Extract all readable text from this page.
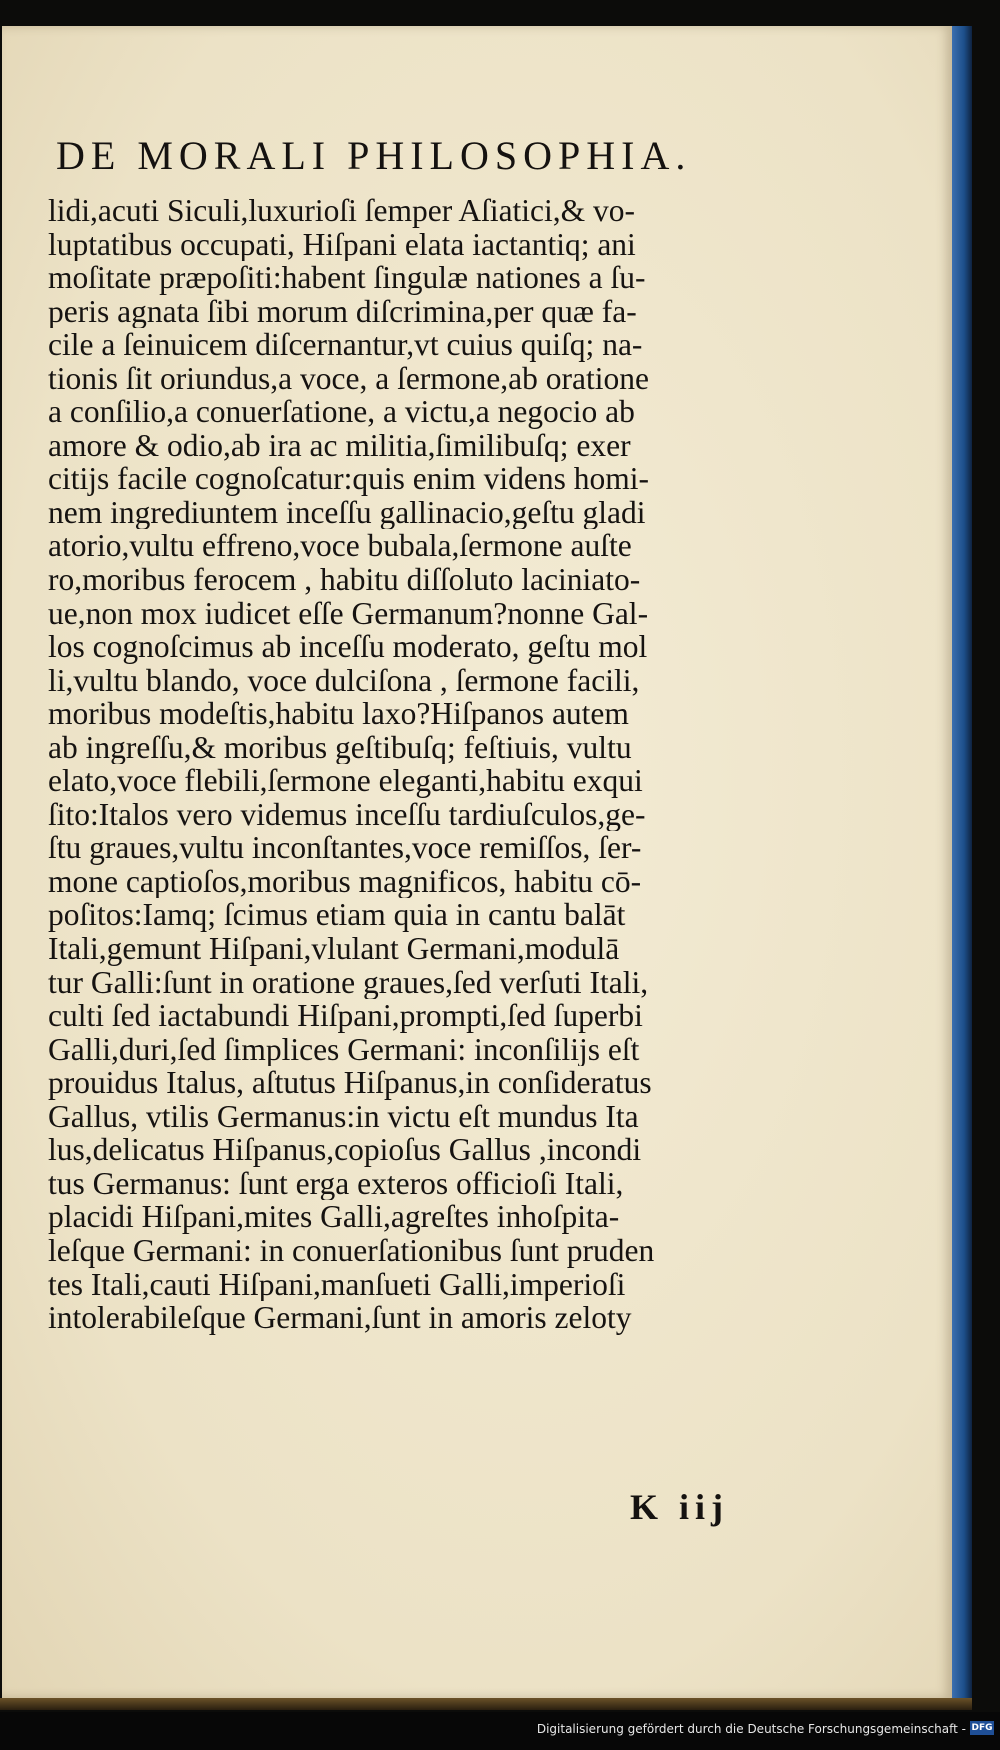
DE MORALI PHILOSOPHIA.
lidi,acuti Siculi,luxurioſi ſemper Aſiatici,& vo-
luptatibus occupati, Hiſpani elata iactantiq; ani
moſitate præpoſiti:habent ſingulæ nationes a ſu-
peris agnata ſibi morum diſcrimina,per quæ fa-
cile a ſeinuicem diſcernantur,vt cuius quiſq; na-
tionis ſit oriundus,a voce, a ſermone,ab oratione
a conſilio,a conuerſatione, a victu,a negocio ab
amore & odio,ab ira ac militia,ſimilibuſq; exer
citijs facile cognoſcatur:quis enim videns homi-
nem ingrediuntem inceſſu gallinacio,geſtu gladi
atorio,vultu effreno,voce bubala,ſermone auſte
ro,moribus ferocem , habitu diſſoluto laciniato-
ue,non mox iudicet eſſe Germanum?nonne Gal-
los cognoſcimus ab inceſſu moderato, geſtu mol
li,vultu blando, voce dulciſona , ſermone facili,
moribus modeſtis,habitu laxo?Hiſpanos autem
ab ingreſſu,& moribus geſtibuſq; feſtiuis, vultu
elato,voce flebili,ſermone eleganti,habitu exqui
ſito:Italos vero videmus inceſſu tardiuſculos,ge-
ſtu graues,vultu inconſtantes,voce remiſſos, ſer-
mone captioſos,moribus magnificos, habitu cō-
poſitos:Iamq; ſcimus etiam quia in cantu balāt
Itali,gemunt Hiſpani,vlulant Germani,modulā
tur Galli:ſunt in oratione graues,ſed verſuti Itali,
culti ſed iactabundi Hiſpani,prompti,ſed ſuperbi
Galli,duri,ſed ſimplices Germani: inconſilijs eſt
prouidus Italus, aſtutus Hiſpanus,in conſideratus
Gallus, vtilis Germanus:in victu eſt mundus Ita
lus,delicatus Hiſpanus,copioſus Gallus ,incondi
tus Germanus: ſunt erga exteros officioſi Itali,
placidi Hiſpani,mites Galli,agreſtes inhoſpita-
leſque Germani: in conuerſationibus ſunt pruden
tes Itali,cauti Hiſpani,manſueti Galli,imperioſi
intolerabileſque Germani,ſunt in amoris zeloty
K iij
Digitalisierung gefördert durch die Deutsche Forschungsgemeinschaft - DFG
